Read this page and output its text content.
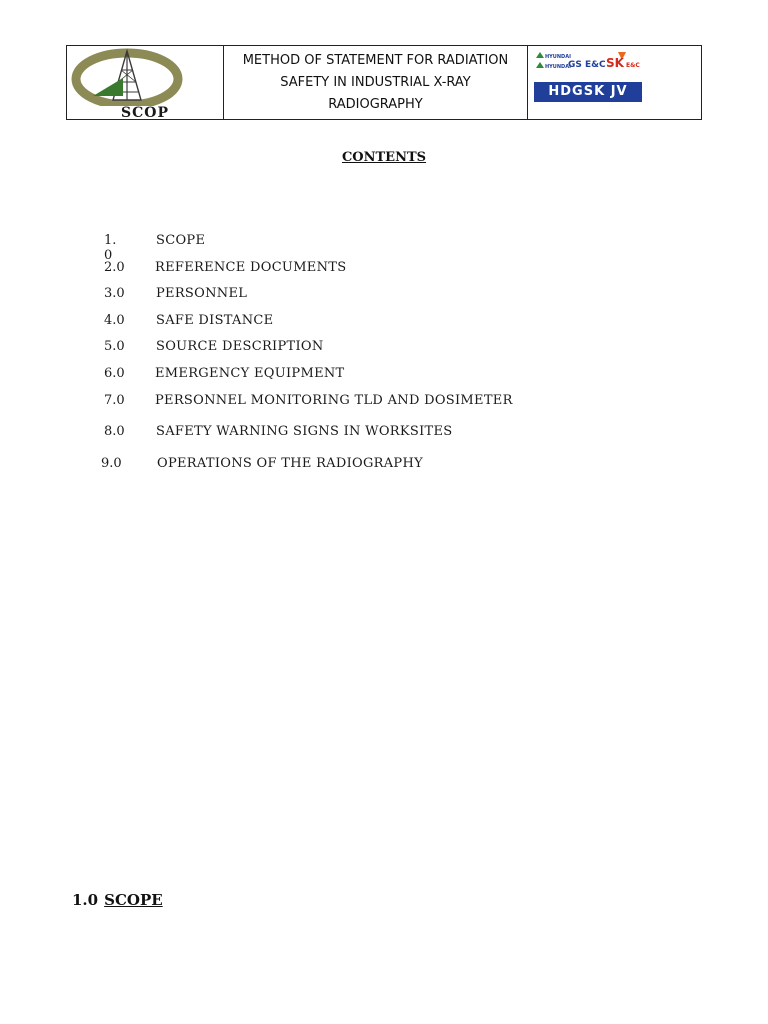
SCOP
METHOD OF STATEMENT FOR RADIATION SAFETY IN INDUSTRIAL X-RAY RADIOGRAPHY
HYUNDAI
HYUNDAI
GS E&C SK E&C
HDGSK JV
CONTENTS
1. 0
SCOPE
2.0 REFERENCE DOCUMENTS
3.0 PERSONNEL
4.0 SAFE DISTANCE
5.0 SOURCE DESCRIPTION
6.0 EMERGENCY EQUIPMENT
7.0 PERSONNEL MONITORING TLD AND DOSIMETER
8.0 SAFETY WARNING SIGNS IN WORKSITES
9.0	OPERATIONS OF THE RADIOGRAPHY
1.0 SCOPE
